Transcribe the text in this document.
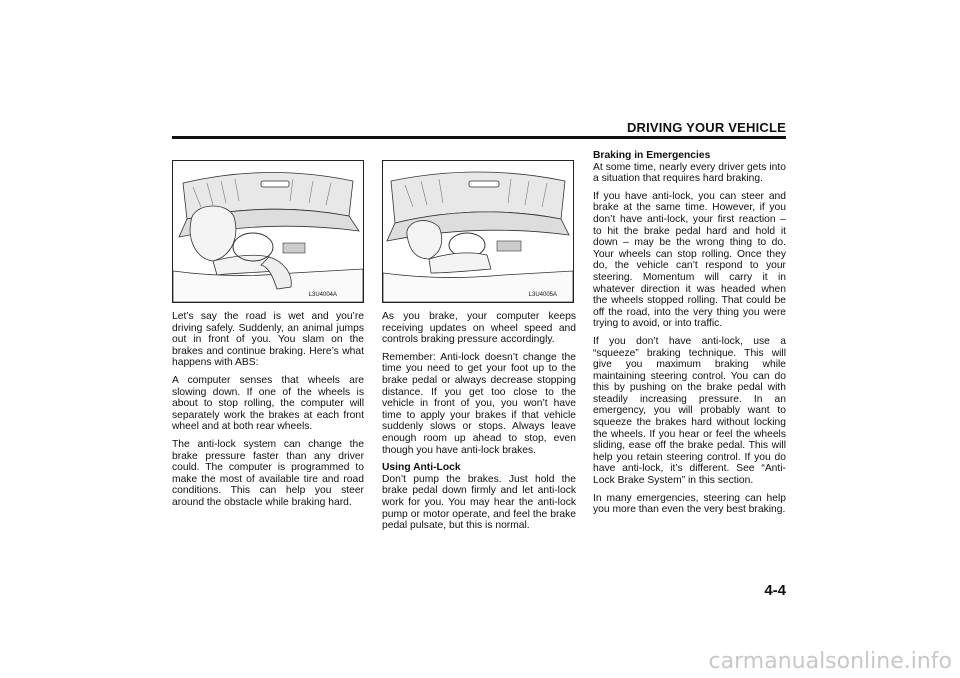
DRIVING YOUR VEHICLE
L3U4004A	L3U4005A

Let’s say the road is wet and you’re driving safely. Suddenly, an animal jumps out in front of you. You slam on the brakes and continue braking. Here’s what happens with ABS:

A computer senses that wheels are slowing down. If one of the wheels is about to stop rolling, the computer will separately work the brakes at each front wheel and at both rear wheels.

The anti-lock system can change the brake pressure faster than any driver could. The computer is programmed to make the most of available tire and road conditions. This can help you steer around the obstacle while braking hard.

As you brake, your computer keeps receiving updates on wheel speed and controls braking pressure accordingly.

Remember: Anti-lock doesn’t change the time you need to get your foot up to the brake pedal or always decrease stopping distance. If you get too close to the vehicle in front of you, you won’t have time to apply your brakes if that vehicle suddenly slows or stops. Always leave enough room up ahead to stop, even though you have anti-lock brakes.

Using Anti-Lock
Don’t pump the brakes. Just hold the brake pedal down firmly and let anti-lock work for you. You may hear the anti-lock pump or motor operate, and feel the brake pedal pulsate, but this is normal.

Braking in Emergencies
At some time, nearly every driver gets into a situation that requires hard braking.

If you have anti-lock, you can steer and brake at the same time. However, if you don’t have anti-lock, your first reaction – to hit the brake pedal hard and hold it down – may be the wrong thing to do. Your wheels can stop rolling. Once they do, the vehicle can’t respond to your steering. Momentum will carry it in whatever direction it was headed when the wheels stopped rolling. That could be off the road, into the very thing you were trying to avoid, or into traffic.

If you don’t have anti-lock, use a “squeeze” braking technique. This will give you maximum braking while maintaining steering control. You can do this by pushing on the brake pedal with steadily increasing pressure. In an emergency, you will probably want to squeeze the brakes hard without locking the wheels. If you hear or feel the wheels sliding, ease off the brake pedal. This will help you retain steering control. If you do have anti-lock, it’s different. See “Anti-Lock Brake System” in this section.

In many emergencies, steering can help you more than even the very best braking.

4-4
carmanualsonline.info
